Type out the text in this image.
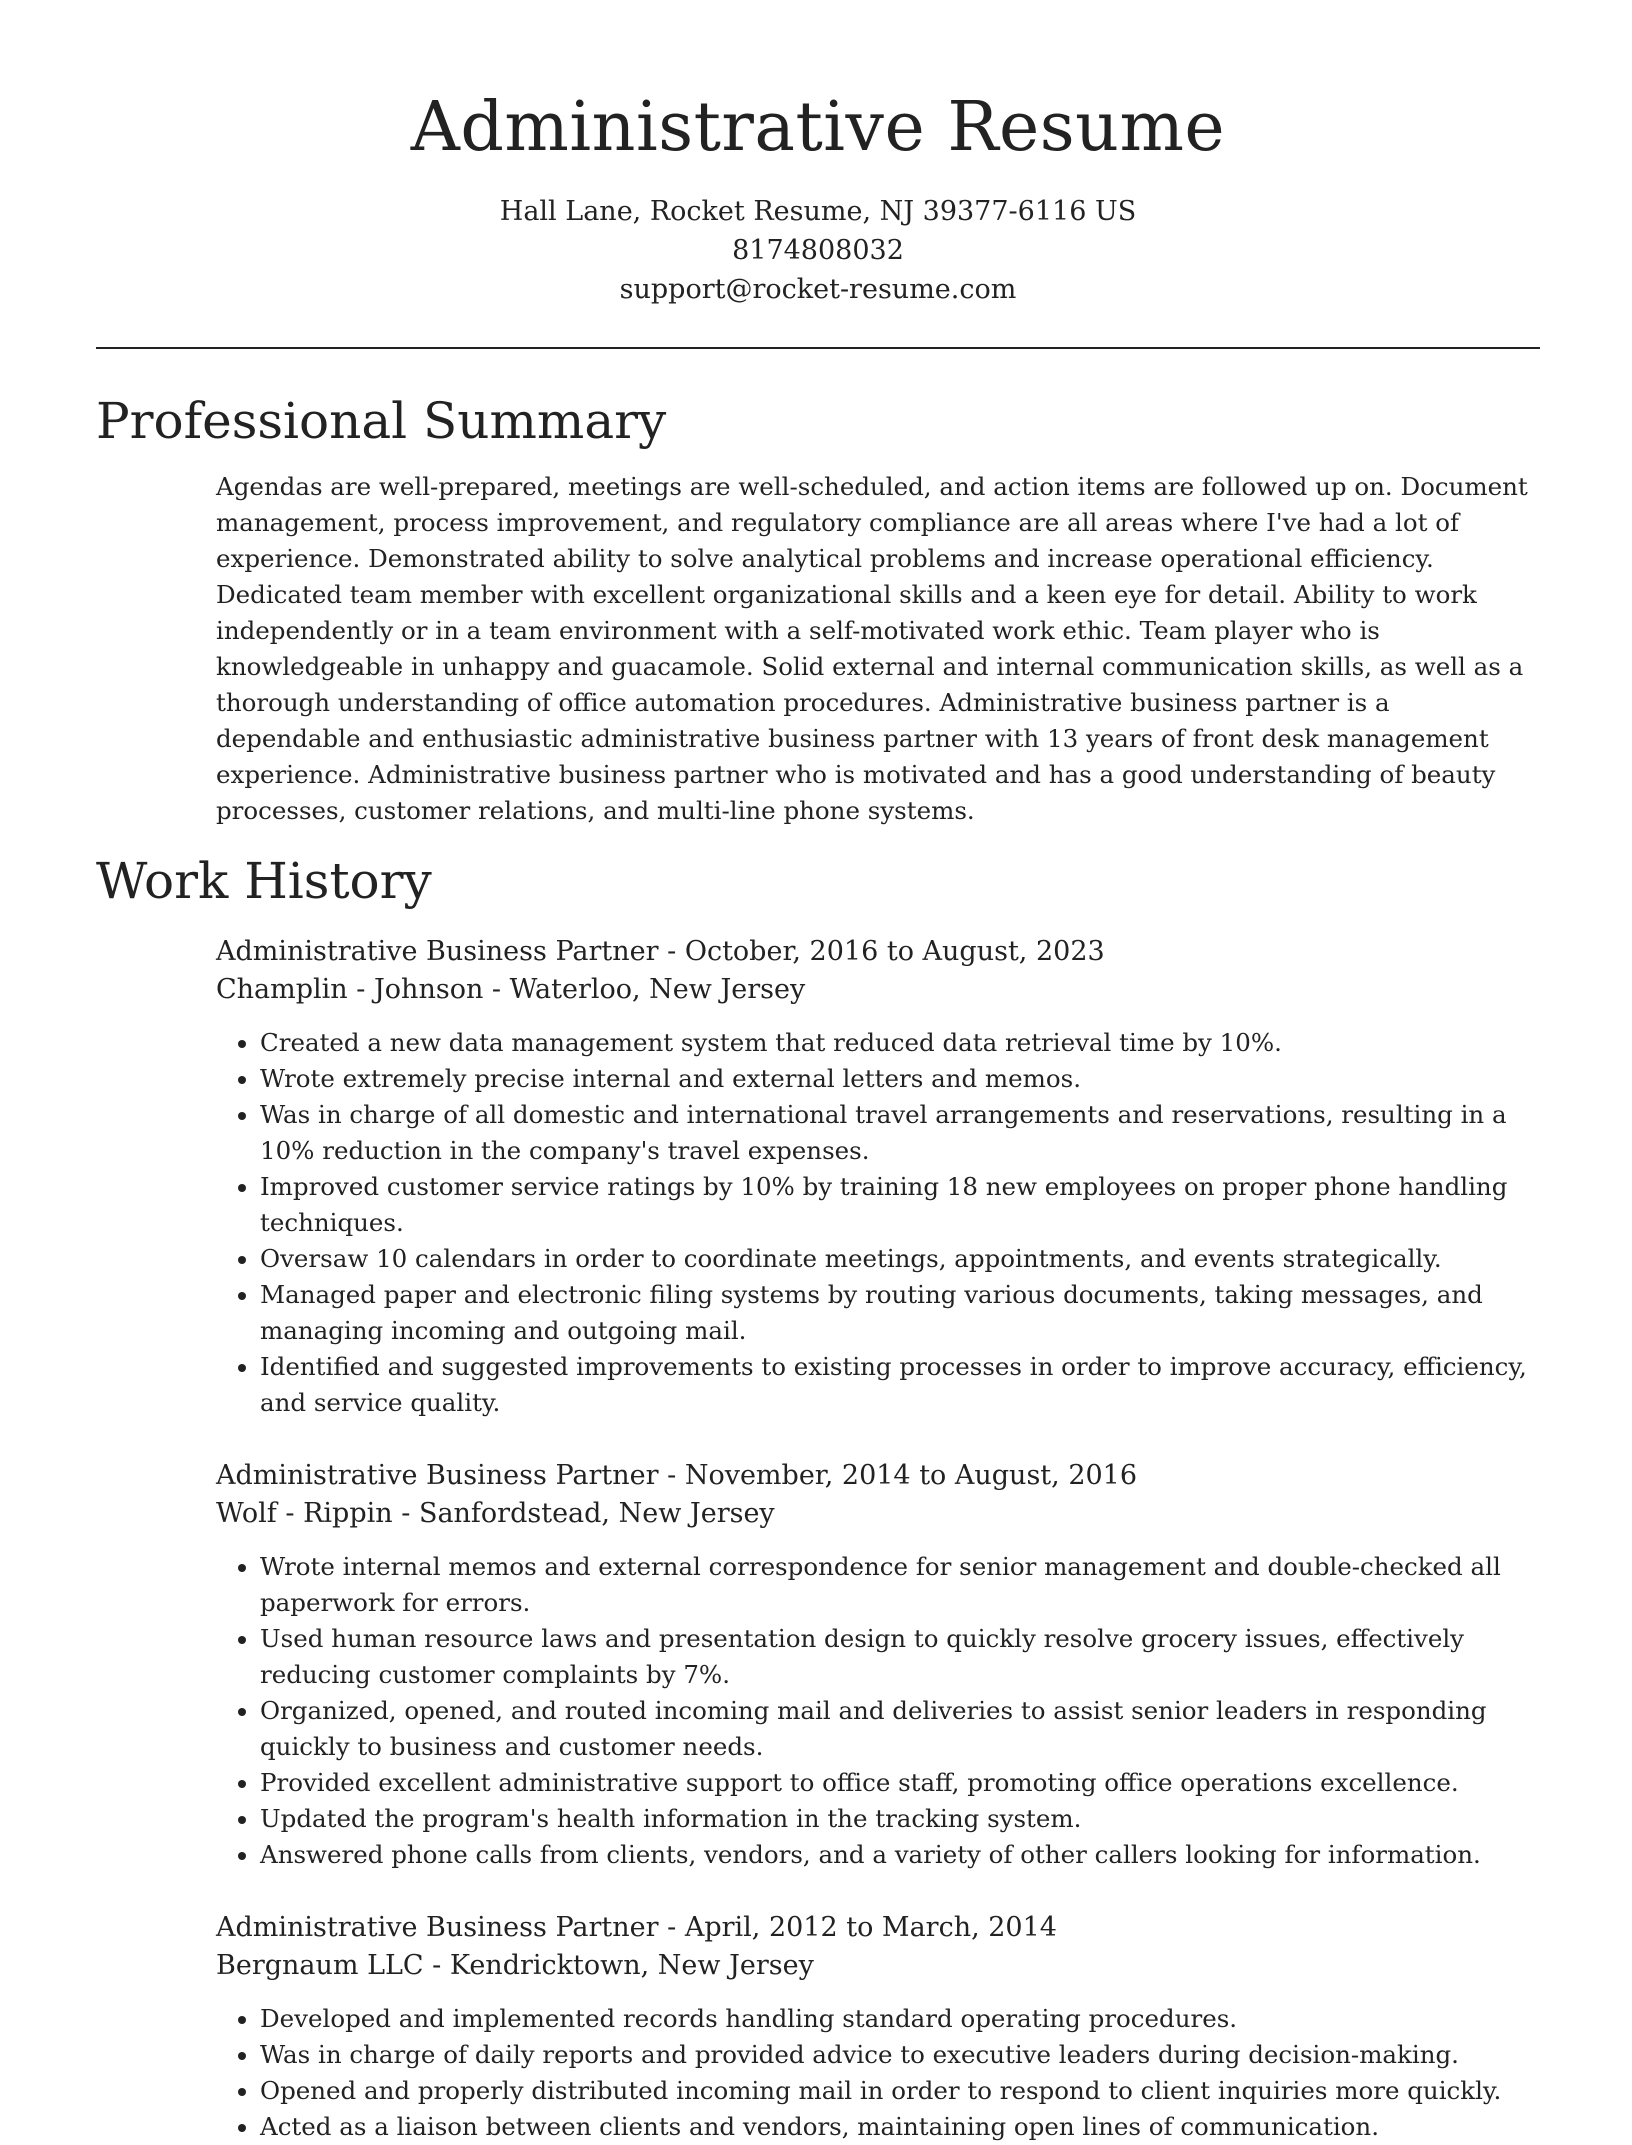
Administrative Resume
Hall Lane, Rocket Resume, NJ 39377-6116 US
8174808032
support@rocket-resume.com
Professional Summary

Agendas are well-prepared, meetings are well-scheduled, and action items are followed up on. Document management, process improvement, and regulatory compliance are all areas where I've had a lot of experience. Demonstrated ability to solve analytical problems and increase operational efficiency. Dedicated team member with excellent organizational skills and a keen eye for detail. Ability to work independently or in a team environment with a self-motivated work ethic. Team player who is knowledgeable in unhappy and guacamole. Solid external and internal communication skills, as well as a thorough understanding of office automation procedures. Administrative business partner is a dependable and enthusiastic administrative business partner with 13 years of front desk management experience. Administrative business partner who is motivated and has a good understanding of beauty processes, customer relations, and multi-line phone systems.

Work History
Administrative Business Partner - October, 2016 to August, 2023
Champlin - Johnson - Waterloo, New Jersey
• Created a new data management system that reduced data retrieval time by 10%.
• Wrote extremely precise internal and external letters and memos.
• Was in charge of all domestic and international travel arrangements and reservations, resulting in a 10% reduction in the company's travel expenses.
• Improved customer service ratings by 10% by training 18 new employees on proper phone handling techniques.
• Oversaw 10 calendars in order to coordinate meetings, appointments, and events strategically.
• Managed paper and electronic filing systems by routing various documents, taking messages, and managing incoming and outgoing mail.
• Identified and suggested improvements to existing processes in order to improve accuracy, efficiency, and service quality.
Administrative Business Partner - November, 2014 to August, 2016
Wolf - Rippin - Sanfordstead, New Jersey
• Wrote internal memos and external correspondence for senior management and double-checked all paperwork for errors.
• Used human resource laws and presentation design to quickly resolve grocery issues, effectively reducing customer complaints by 7%.
• Organized, opened, and routed incoming mail and deliveries to assist senior leaders in responding quickly to business and customer needs.
• Provided excellent administrative support to office staff, promoting office operations excellence.
• Updated the program's health information in the tracking system.
• Answered phone calls from clients, vendors, and a variety of other callers looking for information.
Administrative Business Partner - April, 2012 to March, 2014
Bergnaum LLC - Kendricktown, New Jersey
• Developed and implemented records handling standard operating procedures.
• Was in charge of daily reports and provided advice to executive leaders during decision-making.
• Opened and properly distributed incoming mail in order to respond to client inquiries more quickly.
• Acted as a liaison between clients and vendors, maintaining open lines of communication.
